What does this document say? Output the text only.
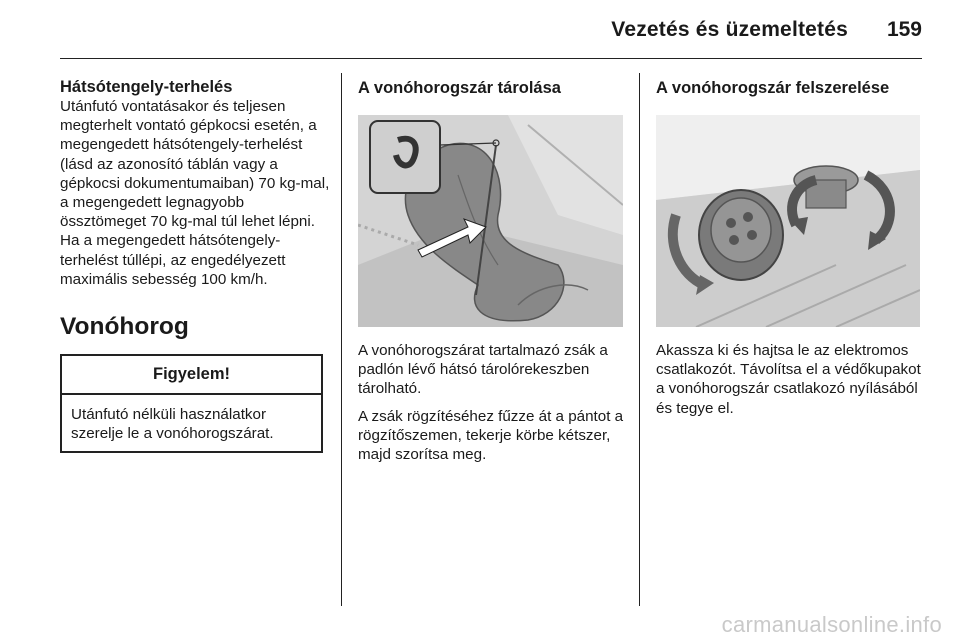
Vezetés és üzemeltetés 159

Hátsótengely-terhelés

Utánfutó vontatásakor és teljesen megterhelt vontató gépkocsi esetén, a megengedett hátsótengely-terhelést (lásd az azonosító táblán vagy a gépkocsi dokumentumaiban) 70 kg-mal, a megengedett legnagyobb össztömeget 70 kg-mal túl lehet lépni. Ha a megengedett hátsótengely-terhelést túllépi, az engedélyezett maximális sebesség 100 km/h.

Vonóhorog
Figyelem!
Utánfutó nélküli használatkor szerelje le a vonóhorogszárat.

A vonóhorogszár tárolása

A vonóhorogszárat tartalmazó zsák a padlón lévő hátsó tárolórekeszben tárolható.

A zsák rögzítéséhez fűzze át a pántot a rögzítőszemen, tekerje körbe kétszer, majd szorítsa meg.

A vonóhorogszár felszerelése

Akassza ki és hajtsa le az elektromos csatlakozót. Távolítsa el a védőkupakot a vonóhorogszár csatlakozó nyílásából és tegye el.

carmanualsonline.info
